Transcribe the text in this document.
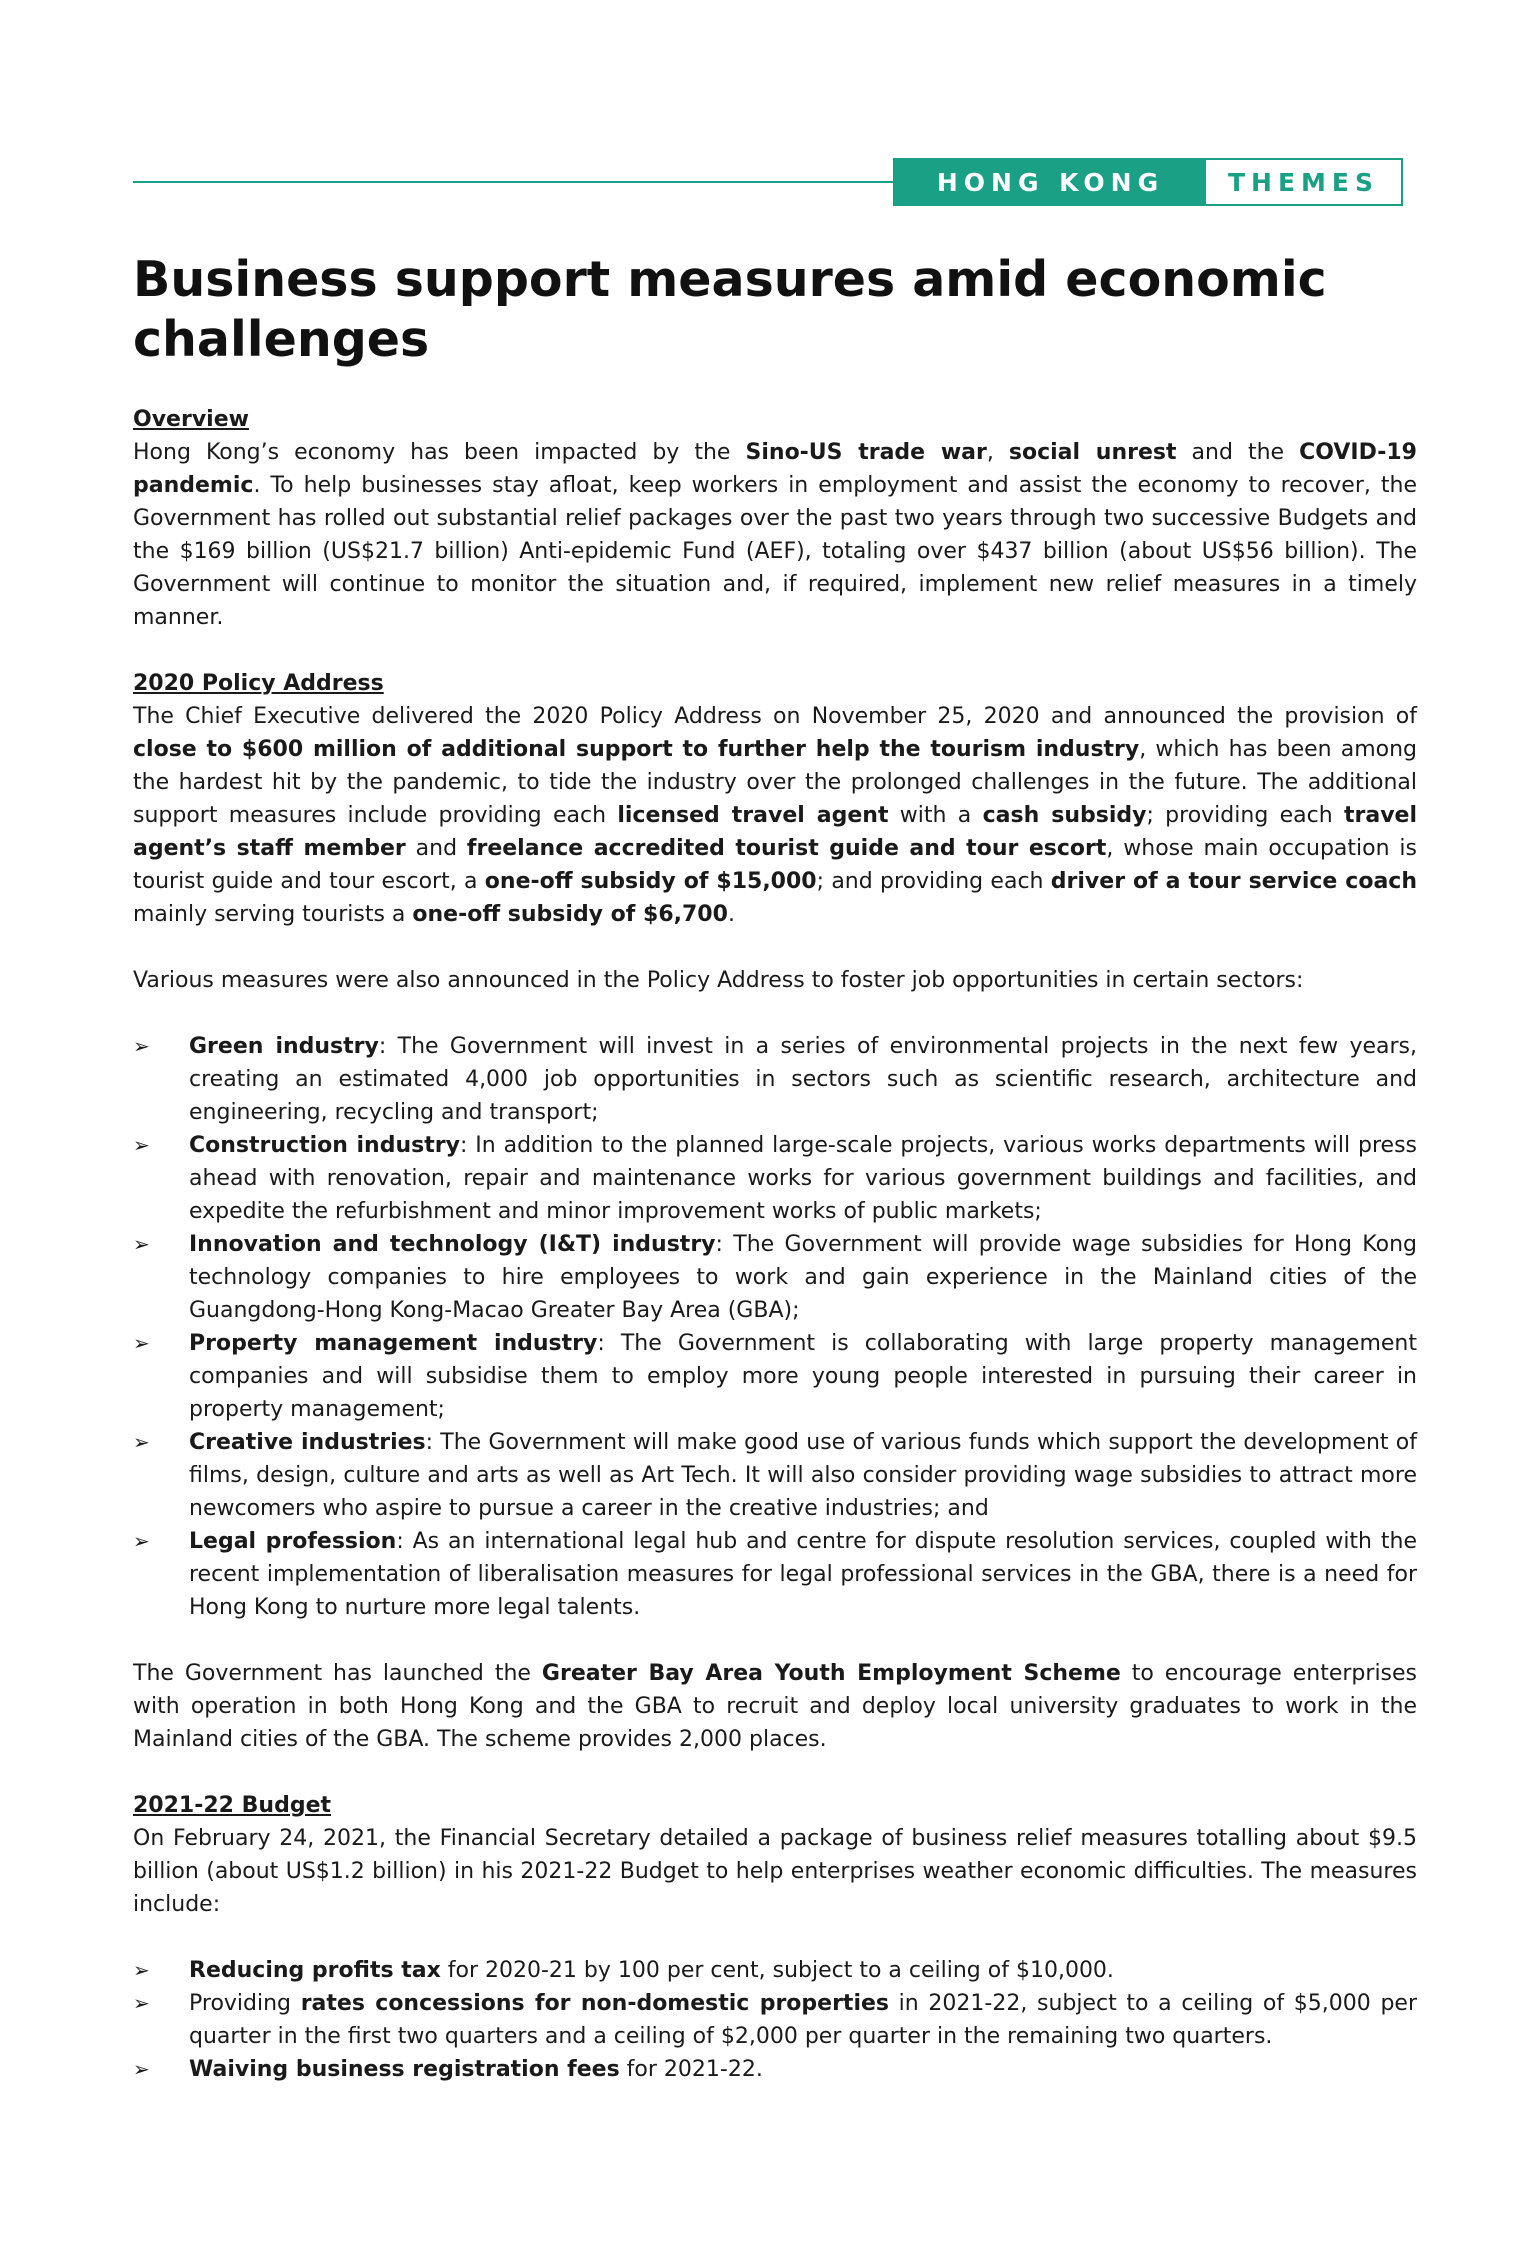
HONG KONG	THEMES
Business support measures amid economic challenges
Overview

Hong Kong’s economy has been impacted by the Sino-US trade war, social unrest and the COVID-19 pandemic. To help businesses stay afloat, keep workers in employment and assist the economy to recover, the Government has rolled out substantial relief packages over the past two years through two successive Budgets and the $169 billion (US$21.7 billion) Anti-epidemic Fund (AEF), totaling over $437 billion (about US$56 billion). The Government will continue to monitor the situation and, if required, implement new relief measures in a timely manner.

2020 Policy Address

The Chief Executive delivered the 2020 Policy Address on November 25, 2020 and announced the provision of close to $600 million of additional support to further help the tourism industry, which has been among the hardest hit by the pandemic, to tide the industry over the prolonged challenges in the future. The additional support measures include providing each licensed travel agent with a cash subsidy; providing each travel agent’s staff member and freelance accredited tourist guide and tour escort, whose main occupation is tourist guide and tour escort, a one-off subsidy of $15,000; and providing each driver of a tour service coach mainly serving tourists a one-off subsidy of $6,700.

Various measures were also announced in the Policy Address to foster job opportunities in certain sectors:

➢	Green industry: The Government will invest in a series of environmental projects in the next few years, creating an estimated 4,000 job opportunities in sectors such as scientific research, architecture and engineering, recycling and transport;
➢	Construction industry: In addition to the planned large-scale projects, various works departments will press ahead with renovation, repair and maintenance works for various government buildings and facilities, and expedite the refurbishment and minor improvement works of public markets;
➢	Innovation and technology (I&T) industry: The Government will provide wage subsidies for Hong Kong technology companies to hire employees to work and gain experience in the Mainland cities of the Guangdong-Hong Kong-Macao Greater Bay Area (GBA);
➢	Property management industry: The Government is collaborating with large property management companies and will subsidise them to employ more young people interested in pursuing their career in property management;
➢	Creative industries: The Government will make good use of various funds which support the development of films, design, culture and arts as well as Art Tech. It will also consider providing wage subsidies to attract more newcomers who aspire to pursue a career in the creative industries; and
➢	Legal profession: As an international legal hub and centre for dispute resolution services, coupled with the recent implementation of liberalisation measures for legal professional services in the GBA, there is a need for Hong Kong to nurture more legal talents.

The Government has launched the Greater Bay Area Youth Employment Scheme to encourage enterprises with operation in both Hong Kong and the GBA to recruit and deploy local university graduates to work in the Mainland cities of the GBA. The scheme provides 2,000 places.

2021-22 Budget

On February 24, 2021, the Financial Secretary detailed a package of business relief measures totalling about $9.5 billion (about US$1.2 billion) in his 2021-22 Budget to help enterprises weather economic difficulties. The measures include:

➢	Reducing profits tax for 2020-21 by 100 per cent, subject to a ceiling of $10,000.
➢	Providing rates concessions for non-domestic properties in 2021-22, subject to a ceiling of $5,000 per quarter in the first two quarters and a ceiling of $2,000 per quarter in the remaining two quarters.
➢	Waiving business registration fees for 2021-22.
